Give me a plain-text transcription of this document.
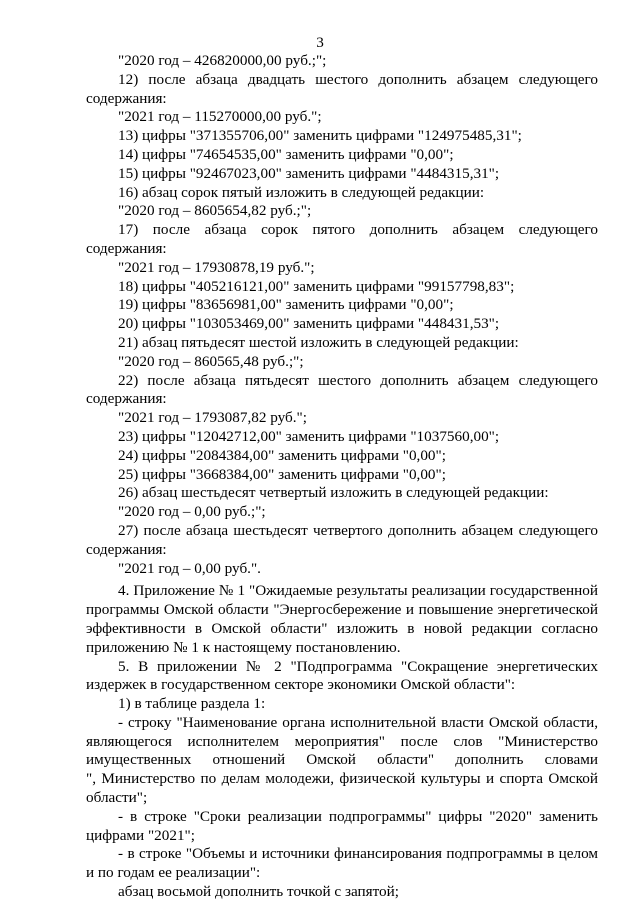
3
"2020 год – 426820000,00 руб.;";
12) после абзаца двадцать шестого дополнить абзацем следующего
содержания:
"2021 год – 115270000,00 руб.";
13) цифры "371355706,00" заменить цифрами "124975485,31";
14) цифры "74654535,00" заменить цифрами "0,00";
15) цифры "92467023,00" заменить цифрами "4484315,31";
16) абзац сорок пятый изложить в следующей редакции:
"2020 год – 8605654,82 руб.;";
17) после абзаца сорок пятого дополнить абзацем следующего
содержания:
"2021 год – 17930878,19 руб.";
18) цифры "405216121,00" заменить цифрами "99157798,83";
19) цифры "83656981,00" заменить цифрами "0,00";
20) цифры "103053469,00" заменить цифрами "448431,53";
21) абзац пятьдесят шестой изложить в следующей редакции:
"2020 год – 860565,48 руб.;";
22) после абзаца пятьдесят шестого дополнить абзацем следующего
содержания:
"2021 год – 1793087,82 руб.";
23) цифры "12042712,00" заменить цифрами "1037560,00";
24) цифры "2084384,00" заменить цифрами "0,00";
25) цифры "3668384,00" заменить цифрами "0,00";
26) абзац шестьдесят четвертый изложить в следующей редакции:
"2020 год – 0,00 руб.;";
27) после абзаца шестьдесят четвертого дополнить абзацем следующего
содержания:
"2021 год – 0,00 руб.".
4. Приложение № 1 "Ожидаемые результаты реализации государственной
программы Омской области "Энергосбережение и повышение энергетической
эффективности в Омской области" изложить в новой редакции согласно
приложению № 1 к настоящему постановлению.
5. В приложении № 2 "Подпрограмма "Сокращение энергетических
издержек в государственном секторе экономики Омской области":
1) в таблице раздела 1:
- строку "Наименование органа исполнительной власти Омской области,
являющегося исполнителем мероприятия" после слов "Министерство
имущественных отношений Омской области" дополнить словами
", Министерство по делам молодежи, физической культуры и спорта Омской
области";
- в строке "Сроки реализации подпрограммы" цифры "2020" заменить
цифрами "2021";
- в строке "Объемы и источники финансирования подпрограммы в целом
и по годам ее реализации":
абзац восьмой дополнить точкой с запятой;
